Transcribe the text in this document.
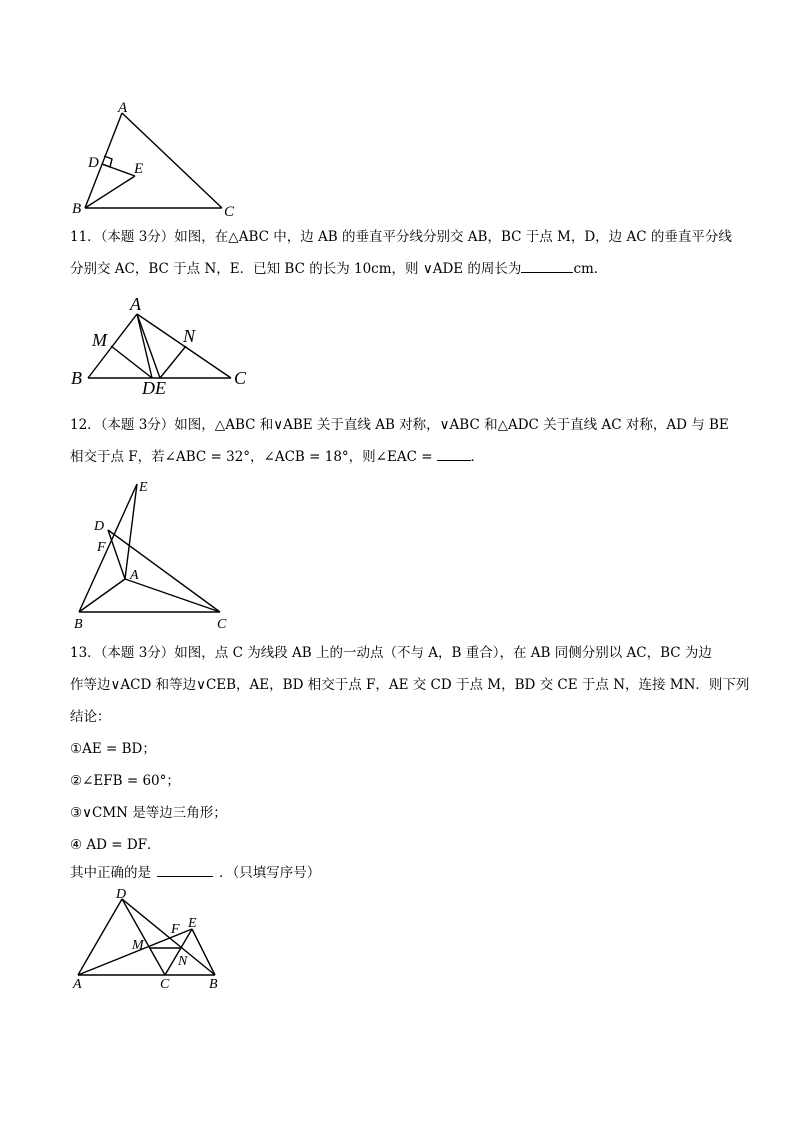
A
B	C
D E
11．（本题 3分）如图，在△ABC 中，边 AB 的垂直平分线分别交 AB，BC 于点 M，D，边 AC 的垂直平分线
分别交 AC，BC 于点 N，E．已知 BC 的长为 10cm，则 ∨ADE 的周长为	cm．
A
B	C
M	N
DE
12．（本题 3分）如图，△ABC 和∨ABE 关于直线 AB 对称，∨ABC 和△ADC 关于直线 AC 对称，AD 与 BE
相交于点 F，若∠ABC = 32°，∠ACB = 18°，则∠EAC =	．
E
D
F
A
B	C
13．（本题 3分）如图，点 C 为线段 AB 上的一动点（不与 A，B 重合），在 AB 同侧分别以 AC，BC 为边
作等边∨ACD 和等边∨CEB，AE，BD 相交于点 F，AE 交 CD 于点 M，BD 交 CE 于点 N，连接 MN．则下列
结论：
①AE = BD；
②∠EFB = 60°；
③∨CMN 是等边三角形；
④ AD = DF．
其中正确的是	．（只填写序号）
D
E
F
M
N
A	C	B
